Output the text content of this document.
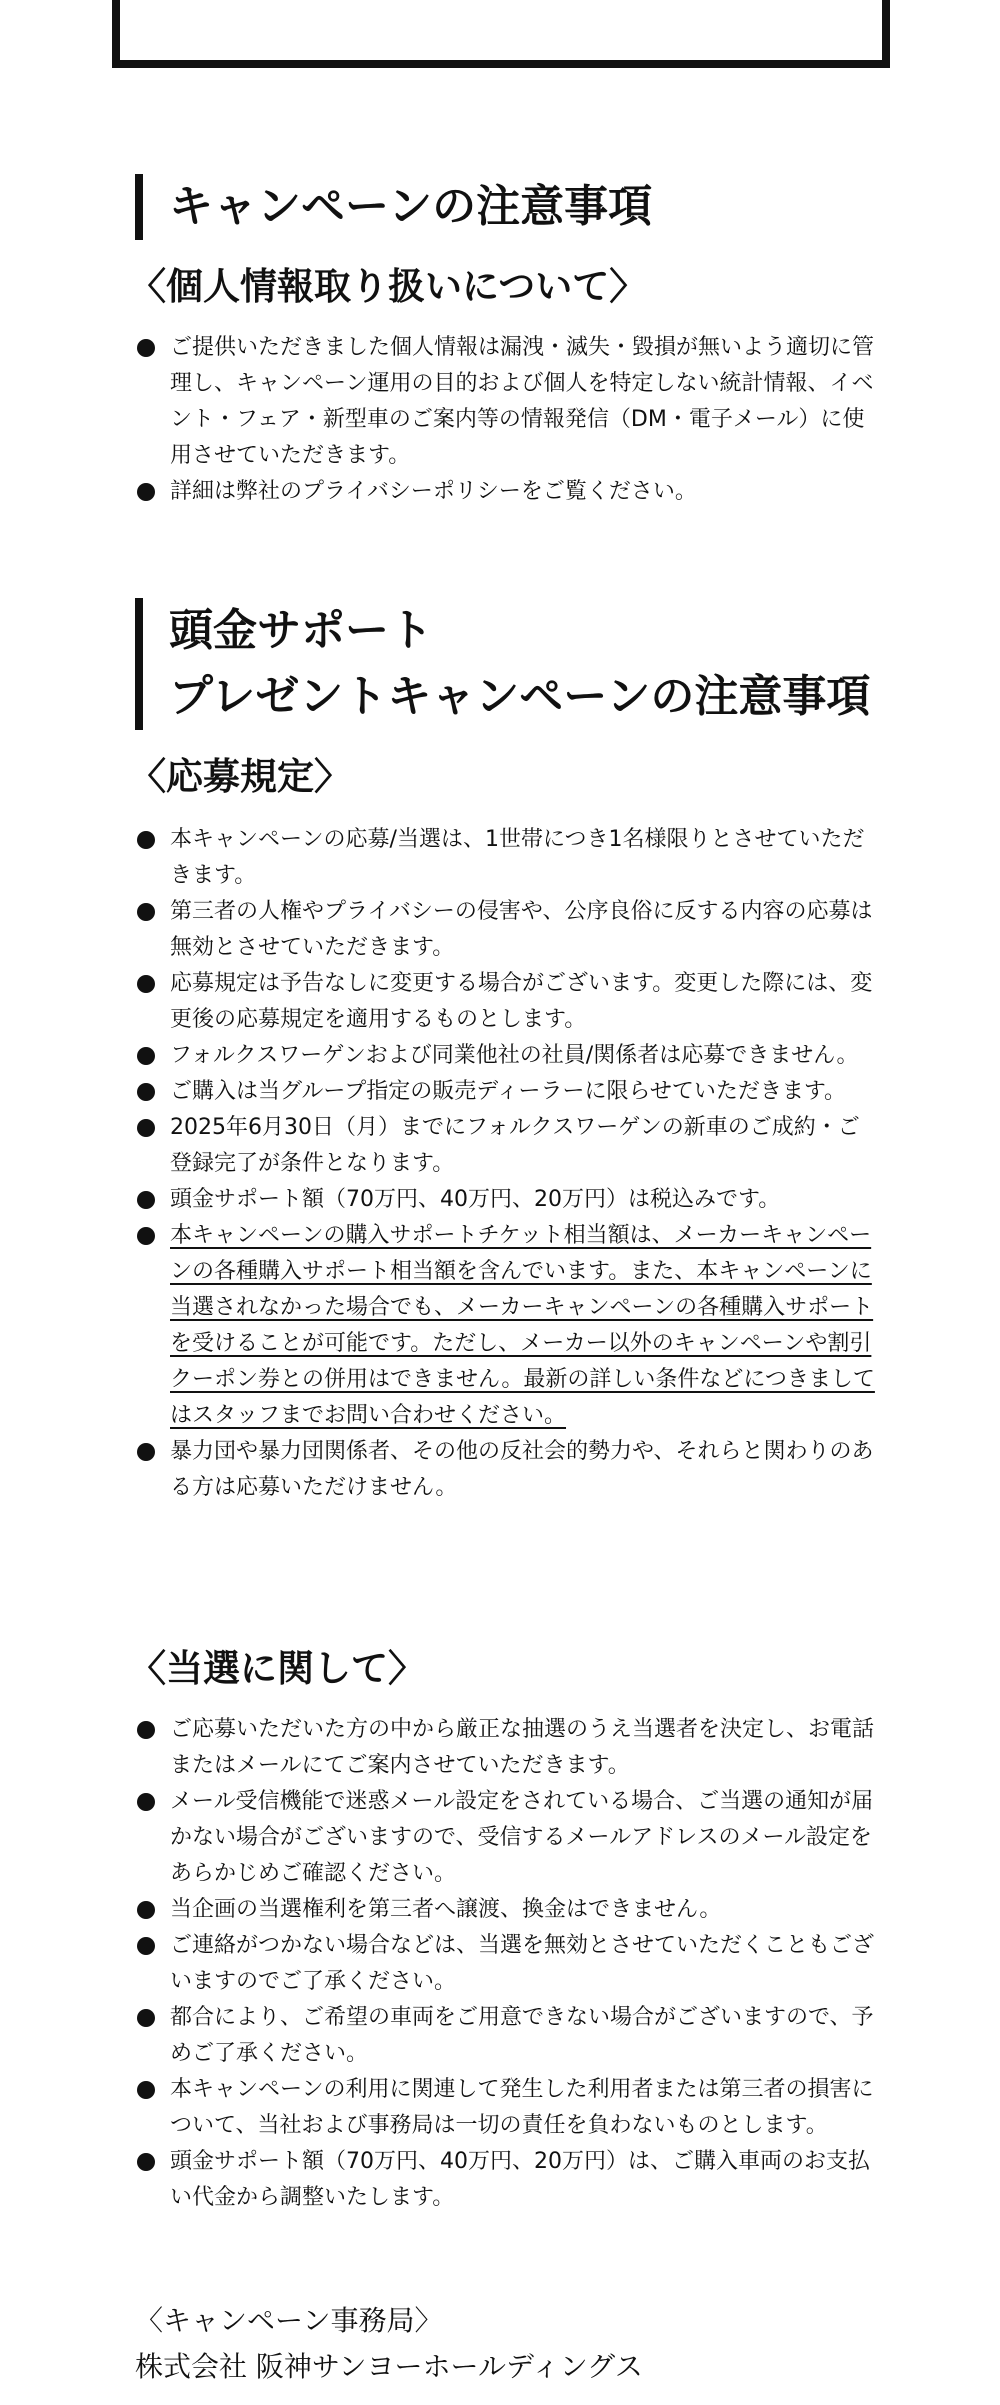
キャンペーンの注意事項
〈個人情報取り扱いについて〉
ご提供いただきました個人情報は漏洩・滅失・毀損が無いよう適切に管理し、キャンペーン運用の目的および個人を特定しない統計情報、イベント・フェア・新型車のご案内等の情報発信（DM・電子メール）に使用させていただきます。
詳細は弊社のプライバシーポリシーをご覧ください。
頭金サポート
プレゼントキャンペーンの注意事項
〈応募規定〉
本キャンペーンの応募/当選は、1世帯につき1名様限りとさせていただきます。
第三者の人権やプライバシーの侵害や、公序良俗に反する内容の応募は無効とさせていただきます。
応募規定は予告なしに変更する場合がございます。変更した際には、変更後の応募規定を適用するものとします。
フォルクスワーゲンおよび同業他社の社員/関係者は応募できません。
ご購入は当グループ指定の販売ディーラーに限らせていただきます。
2025年6月30日（月）までにフォルクスワーゲンの新車のご成約・ご登録完了が条件となります。
頭金サポート額（70万円、40万円、20万円）は税込みです。
本キャンペーンの購入サポートチケット相当額は、メーカーキャンペーンの各種購入サポート相当額を含んでいます。また、本キャンペーンに当選されなかった場合でも、メーカーキャンペーンの各種購入サポートを受けることが可能です。ただし、メーカー以外のキャンペーンや割引クーポン券との併用はできません。最新の詳しい条件などにつきましてはスタッフまでお問い合わせください。
暴力団や暴力団関係者、その他の反社会的勢力や、それらと関わりのある方は応募いただけません。
〈当選に関して〉
ご応募いただいた方の中から厳正な抽選のうえ当選者を決定し、お電話またはメールにてご案内させていただきます。
メール受信機能で迷惑メール設定をされている場合、ご当選の通知が届かない場合がございますので、受信するメールアドレスのメール設定をあらかじめご確認ください。
当企画の当選権利を第三者へ譲渡、換金はできません。
ご連絡がつかない場合などは、当選を無効とさせていただくこともございますのでご了承ください。
都合により、ご希望の車両をご用意できない場合がございますので、予めご了承ください。
本キャンペーンの利用に関連して発生した利用者または第三者の損害について、当社および事務局は一切の責任を負わないものとします。
頭金サポート額（70万円、40万円、20万円）は、ご購入車両のお支払い代金から調整いたします。

〈キャンペーン事務局〉

株式会社 阪神サンヨーホールディングス
